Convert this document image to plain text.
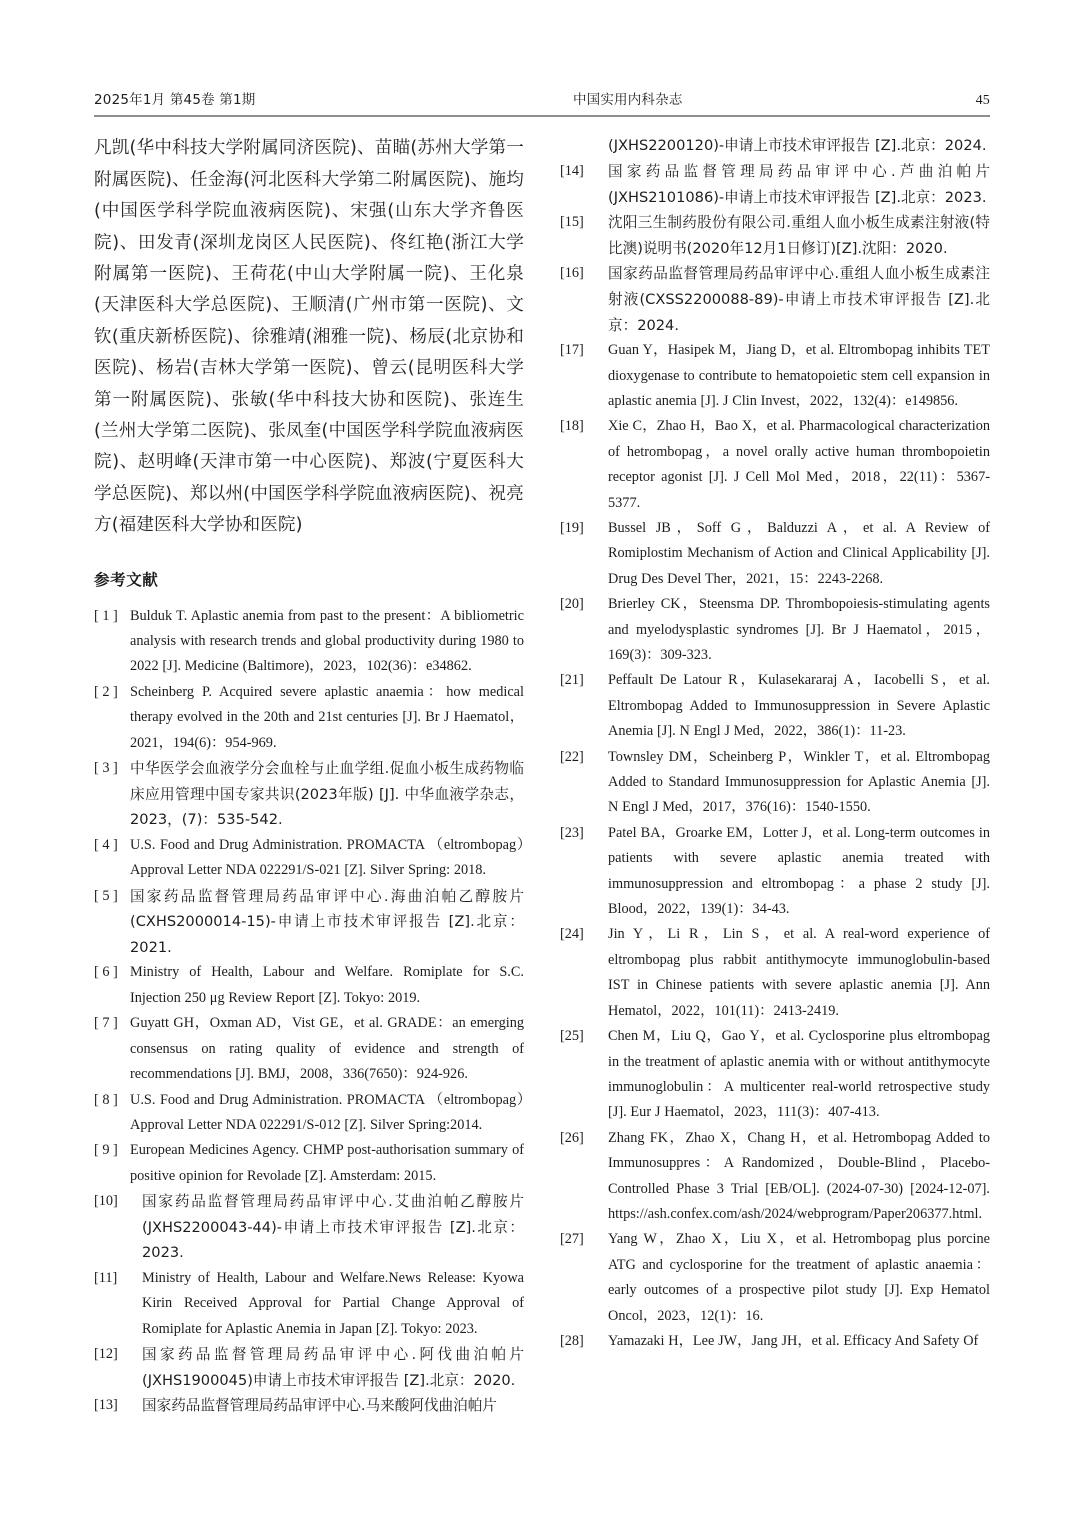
2025年1月 第45卷 第1期	中国实用内科杂志	45
凡凯(华中科技大学附属同济医院)、苗瞄(苏州大学第一附属医院)、任金海(河北医科大学第二附属医院)、施均(中国医学科学院血液病医院)、宋强(山东大学齐鲁医院)、田发青(深圳龙岗区人民医院)、佟红艳(浙江大学附属第一医院)、王荷花(中山大学附属一院)、王化泉(天津医科大学总医院)、王顺清(广州市第一医院)、文钦(重庆新桥医院)、徐雅靖(湘雅一院)、杨辰(北京协和医院)、杨岩(吉林大学第一医院)、曾云(昆明医科大学第一附属医院)、张敏(华中科技大协和医院)、张连生(兰州大学第二医院)、张凤奎(中国医学科学院血液病医院)、赵明峰(天津市第一中心医院)、郑波(宁夏医科大学总医院)、郑以州(中国医学科学院血液病医院)、祝亮方(福建医科大学协和医院)
参考文献
[ 1 ] Bulduk T. Aplastic anemia from past to the present：A bibliometric analysis with research trends and global productivity during 1980 to 2022 [J]. Medicine (Baltimore)，2023，102(36)：e34862.
[ 2 ] Scheinberg P. Acquired severe aplastic anaemia：how medical therapy evolved in the 20th and 21st centuries [J]. Br J Haematol，2021，194(6)：954-969.
[ 3 ] 中华医学会血液学分会血栓与止血学组.促血小板生成药物临床应用管理中国专家共识(2023年版) [J]. 中华血液学杂志，2023，(7)：535-542.
[ 4 ] U.S. Food and Drug Administration. PROMACTA （eltrombopag）Approval Letter NDA 022291/S-021 [Z]. Silver Spring: 2018.
[ 5 ] 国家药品监督管理局药品审评中心.海曲泊帕乙醇胺片(CXHS2000014-15)-申请上市技术审评报告 [Z].北京：2021.
[ 6 ] Ministry of Health, Labour and Welfare. Romiplate for S.C. Injection 250 μg Review Report [Z]. Tokyo: 2019.
[ 7 ] Guyatt GH，Oxman AD，Vist GE，et al. GRADE：an emerging consensus on rating quality of evidence and strength of recommendations [J]. BMJ，2008，336(7650)：924-926.
[ 8 ] U.S. Food and Drug Administration. PROMACTA （eltrombopag）Approval Letter NDA 022291/S-012 [Z]. Silver Spring:2014.
[ 9 ] European Medicines Agency. CHMP post-authorisation summary of positive opinion for Revolade [Z]. Amsterdam: 2015.
[10]	国家药品监督管理局药品审评中心.艾曲泊帕乙醇胺片(JXHS2200043-44)-申请上市技术审评报告 [Z].北京：2023.
[11]	Ministry of Health, Labour and Welfare.News Release: Kyowa Kirin Received Approval for Partial Change Approval of Romiplate for Aplastic Anemia in Japan [Z]. Tokyo: 2023.
[12]	国家药品监督管理局药品审评中心.阿伐曲泊帕片(JXHS1900045)申请上市技术审评报告 [Z].北京：2020.
[13]	国家药品监督管理局药品审评中心.马来酸阿伐曲泊帕片
(JXHS2200120)-申请上市技术审评报告 [Z].北京：2024.
[14]	国家药品监督管理局药品审评中心.芦曲泊帕片(JXHS2101086)-申请上市技术审评报告 [Z].北京：2023.
[15]	沈阳三生制药股份有限公司.重组人血小板生成素注射液(特比澳)说明书(2020年12月1日修订)[Z].沈阳：2020.
[16]	国家药品监督管理局药品审评中心.重组人血小板生成素注射液(CXSS2200088-89)-申请上市技术审评报告 [Z].北京：2024.
[17]	Guan Y，Hasipek M，Jiang D，et al. Eltrombopag inhibits TET dioxygenase to contribute to hematopoietic stem cell expansion in aplastic anemia [J]. J Clin Invest，2022，132(4)：e149856.
[18]	Xie C，Zhao H，Bao X，et al. Pharmacological characterization of hetrombopag，a novel orally active human thrombopoietin receptor agonist [J]. J Cell Mol Med，2018，22(11)：5367-5377.
[19]	Bussel JB，Soff G，Balduzzi A，et al. A Review of Romiplostim Mechanism of Action and Clinical Applicability [J]. Drug Des Devel Ther，2021，15：2243-2268.
[20]	Brierley CK，Steensma DP. Thrombopoiesis-stimulating agents and myelodysplastic syndromes [J]. Br J Haematol，2015，169(3)：309-323.
[21]	Peffault De Latour R，Kulasekararaj A，Iacobelli S，et al. Eltrombopag Added to Immunosuppression in Severe Aplastic Anemia [J]. N Engl J Med，2022，386(1)：11-23.
[22]	Townsley DM，Scheinberg P，Winkler T，et al. Eltrombopag Added to Standard Immunosuppression for Aplastic Anemia [J]. N Engl J Med，2017，376(16)：1540-1550.
[23]	Patel BA，Groarke EM，Lotter J，et al. Long-term outcomes in patients with severe aplastic anemia treated with immunosuppression and eltrombopag：a phase 2 study [J]. Blood，2022，139(1)：34-43.
[24]	Jin Y，Li R，Lin S，et al. A real-word experience of eltrombopag plus rabbit antithymocyte immunoglobulin-based IST in Chinese patients with severe aplastic anemia [J]. Ann Hematol，2022，101(11)：2413-2419.
[25]	Chen M，Liu Q，Gao Y，et al. Cyclosporine plus eltrombopag in the treatment of aplastic anemia with or without antithymocyte immunoglobulin：A multicenter real-world retrospective study [J]. Eur J Haematol，2023，111(3)：407-413.
[26]	Zhang FK，Zhao X，Chang H，et al. Hetrombopag Added to Immunosuppres：A Randomized，Double-Blind，Placebo-Controlled Phase 3 Trial [EB/OL]. (2024-07-30) [2024-12-07]. https://ash.confex.com/ash/2024/webprogram/Paper206377.html.
[27]	Yang W，Zhao X，Liu X，et al. Hetrombopag plus porcine ATG and cyclosporine for the treatment of aplastic anaemia：early outcomes of a prospective pilot study [J]. Exp Hematol Oncol，2023，12(1)：16.
[28]	Yamazaki H，Lee JW，Jang JH，et al. Efficacy And Safety Of
